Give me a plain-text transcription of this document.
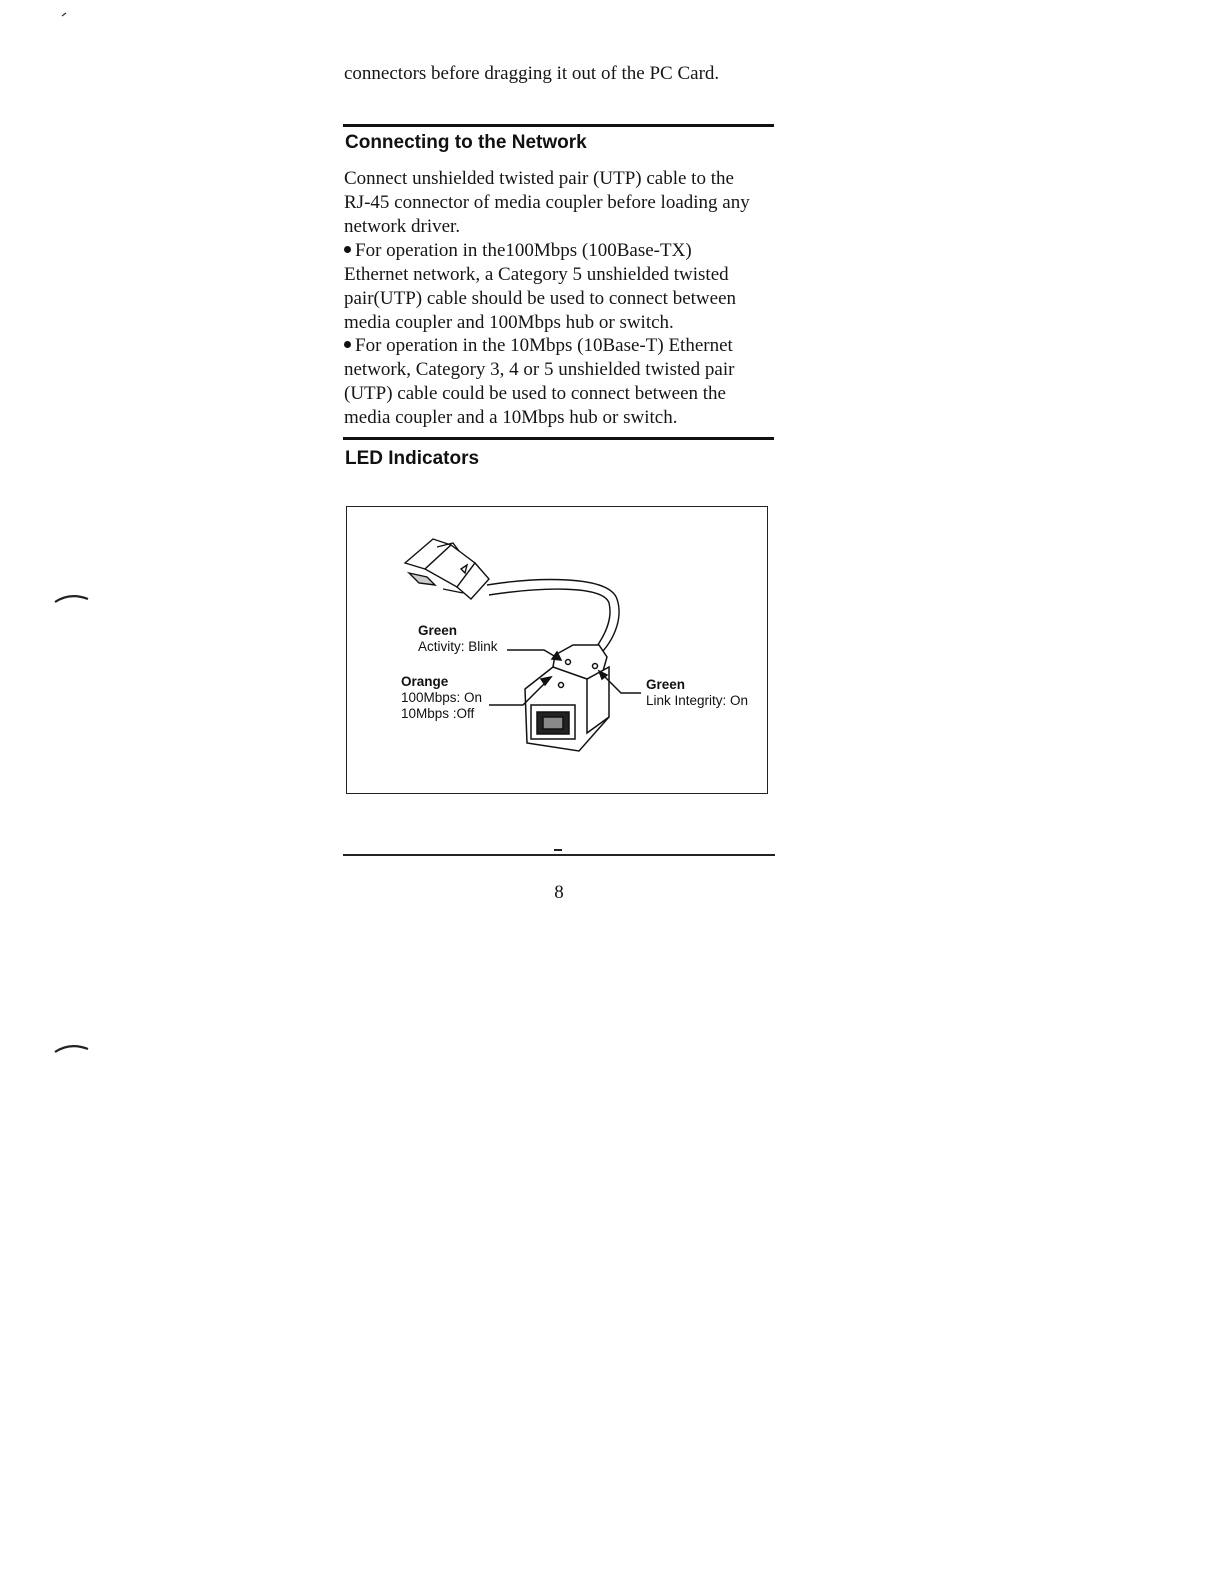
connectors before dragging it out of the PC Card.
Connecting to the Network
Connect unshielded twisted pair (UTP) cable to the
RJ-45 connector of media coupler before loading any
network driver.
For operation in the100Mbps (100Base-TX)
Ethernet network, a Category 5 unshielded twisted
pair(UTP) cable should be used to connect between
media coupler and 100Mbps hub or switch.
For operation in the 10Mbps (10Base-T) Ethernet
network, Category 3, 4 or 5 unshielded twisted pair
(UTP) cable could be used to connect between the
media coupler and a 10Mbps hub or switch.
LED Indicators
Green
Activity: Blink
Orange
100Mbps: On
10Mbps :Off
Green
Link Integrity: On
8
